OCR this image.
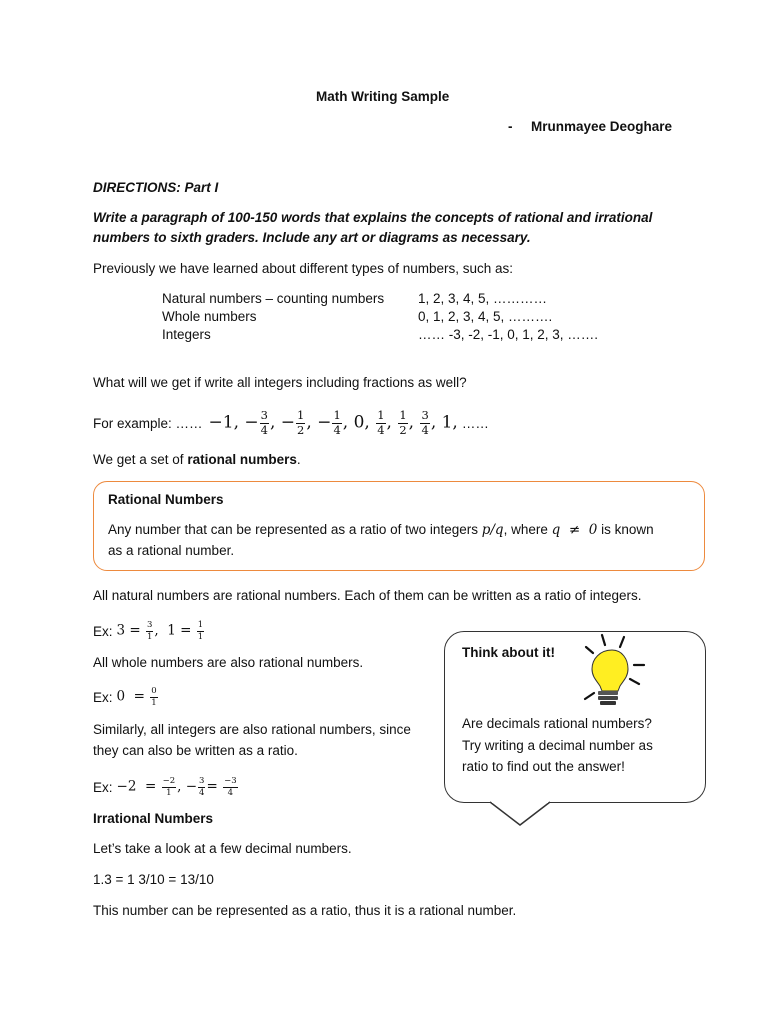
Math Writing Sample
- Mrunmayee Deoghare
DIRECTIONS: Part I
Write a paragraph of 100-150 words that explains the concepts of rational and irrational
numbers to sixth graders. Include any art or diagrams as necessary.
Previously we have learned about different types of numbers, such as:
Natural numbers – counting numbers	1, 2, 3, 4, 5, …………
Whole numbers	0, 1, 2, 3, 4, 5, ……….
Integers	…… -3, -2, -1, 0, 1, 2, 3, …….
What will we get if write all integers including fractions as well?
For example: …… −1, − $\frac{3}{4}$ , − $\frac{1}{2}$ , − $\frac{1}{4}$ , 0, $\frac{1}{4}$ , $\frac{1}{2}$ , $\frac{3}{4}$ , 1, ……
We get a set of rational numbers.
Rational Numbers
Any number that can be represented as a ratio of two integers p/q, where q  ≠  0 is known
as a rational number.
All natural numbers are rational numbers. Each of them can be written as a ratio of integers.
Ex: $3 = \frac{3}{1}$ ,  $1 = \frac{1}{1}$
All whole numbers are also rational numbers.
Ex: $0 = \frac{0}{1}$
Similarly, all integers are also rational numbers, since
they can also be written as a ratio.
Ex: $-2 = \frac{-2}{1}$ , − $\frac{3}{4} = \frac{-3}{4}$
Think about it!
Are decimals rational numbers?
Try writing a decimal number as
ratio to find out the answer!
Irrational Numbers
Let’s take a look at a few decimal numbers.
1.3 = 1 3/10 = 13/10
This number can be represented as a ratio, thus it is a rational number.
